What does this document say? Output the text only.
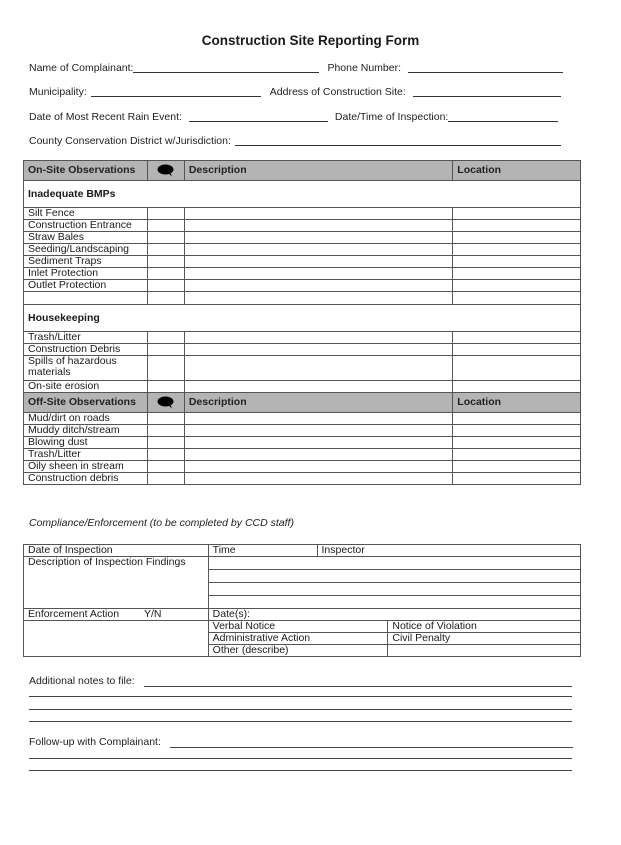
Construction Site Reporting Form
Name of Complainant:	Phone Number:
Municipality:	Address of Construction Site:
Date of Most Recent Rain Event:	Date/Time of Inspection:
County Conservation District w/Jurisdiction:
On-Site Observations		Description	Location
Inadequate BMPs			
Silt Fence			
Construction Entrance			
Straw Bales			
Seeding/Landscaping			
Sediment Traps			
Inlet Protection			
Outlet Protection			

Housekeeping			
Trash/Litter			
Construction Debris			
Spills of hazardous materials			
On-site erosion			
Off-Site Observations		Description	Location
Mud/dirt on roads			
Muddy ditch/stream			
Blowing dust			
Trash/Litter			
Oily sheen in stream			
Construction debris			
Compliance/Enforcement (to be completed by CCD staff)
Date of Inspection	Time	Inspector	
Description of Inspection Findings			

Enforcement Action Y/N	Date(s):		
	Verbal Notice		Notice of Violation
	Administrative Action		Civil Penalty
	Other (describe)		
Additional notes to file:
Follow-up with Complainant:
